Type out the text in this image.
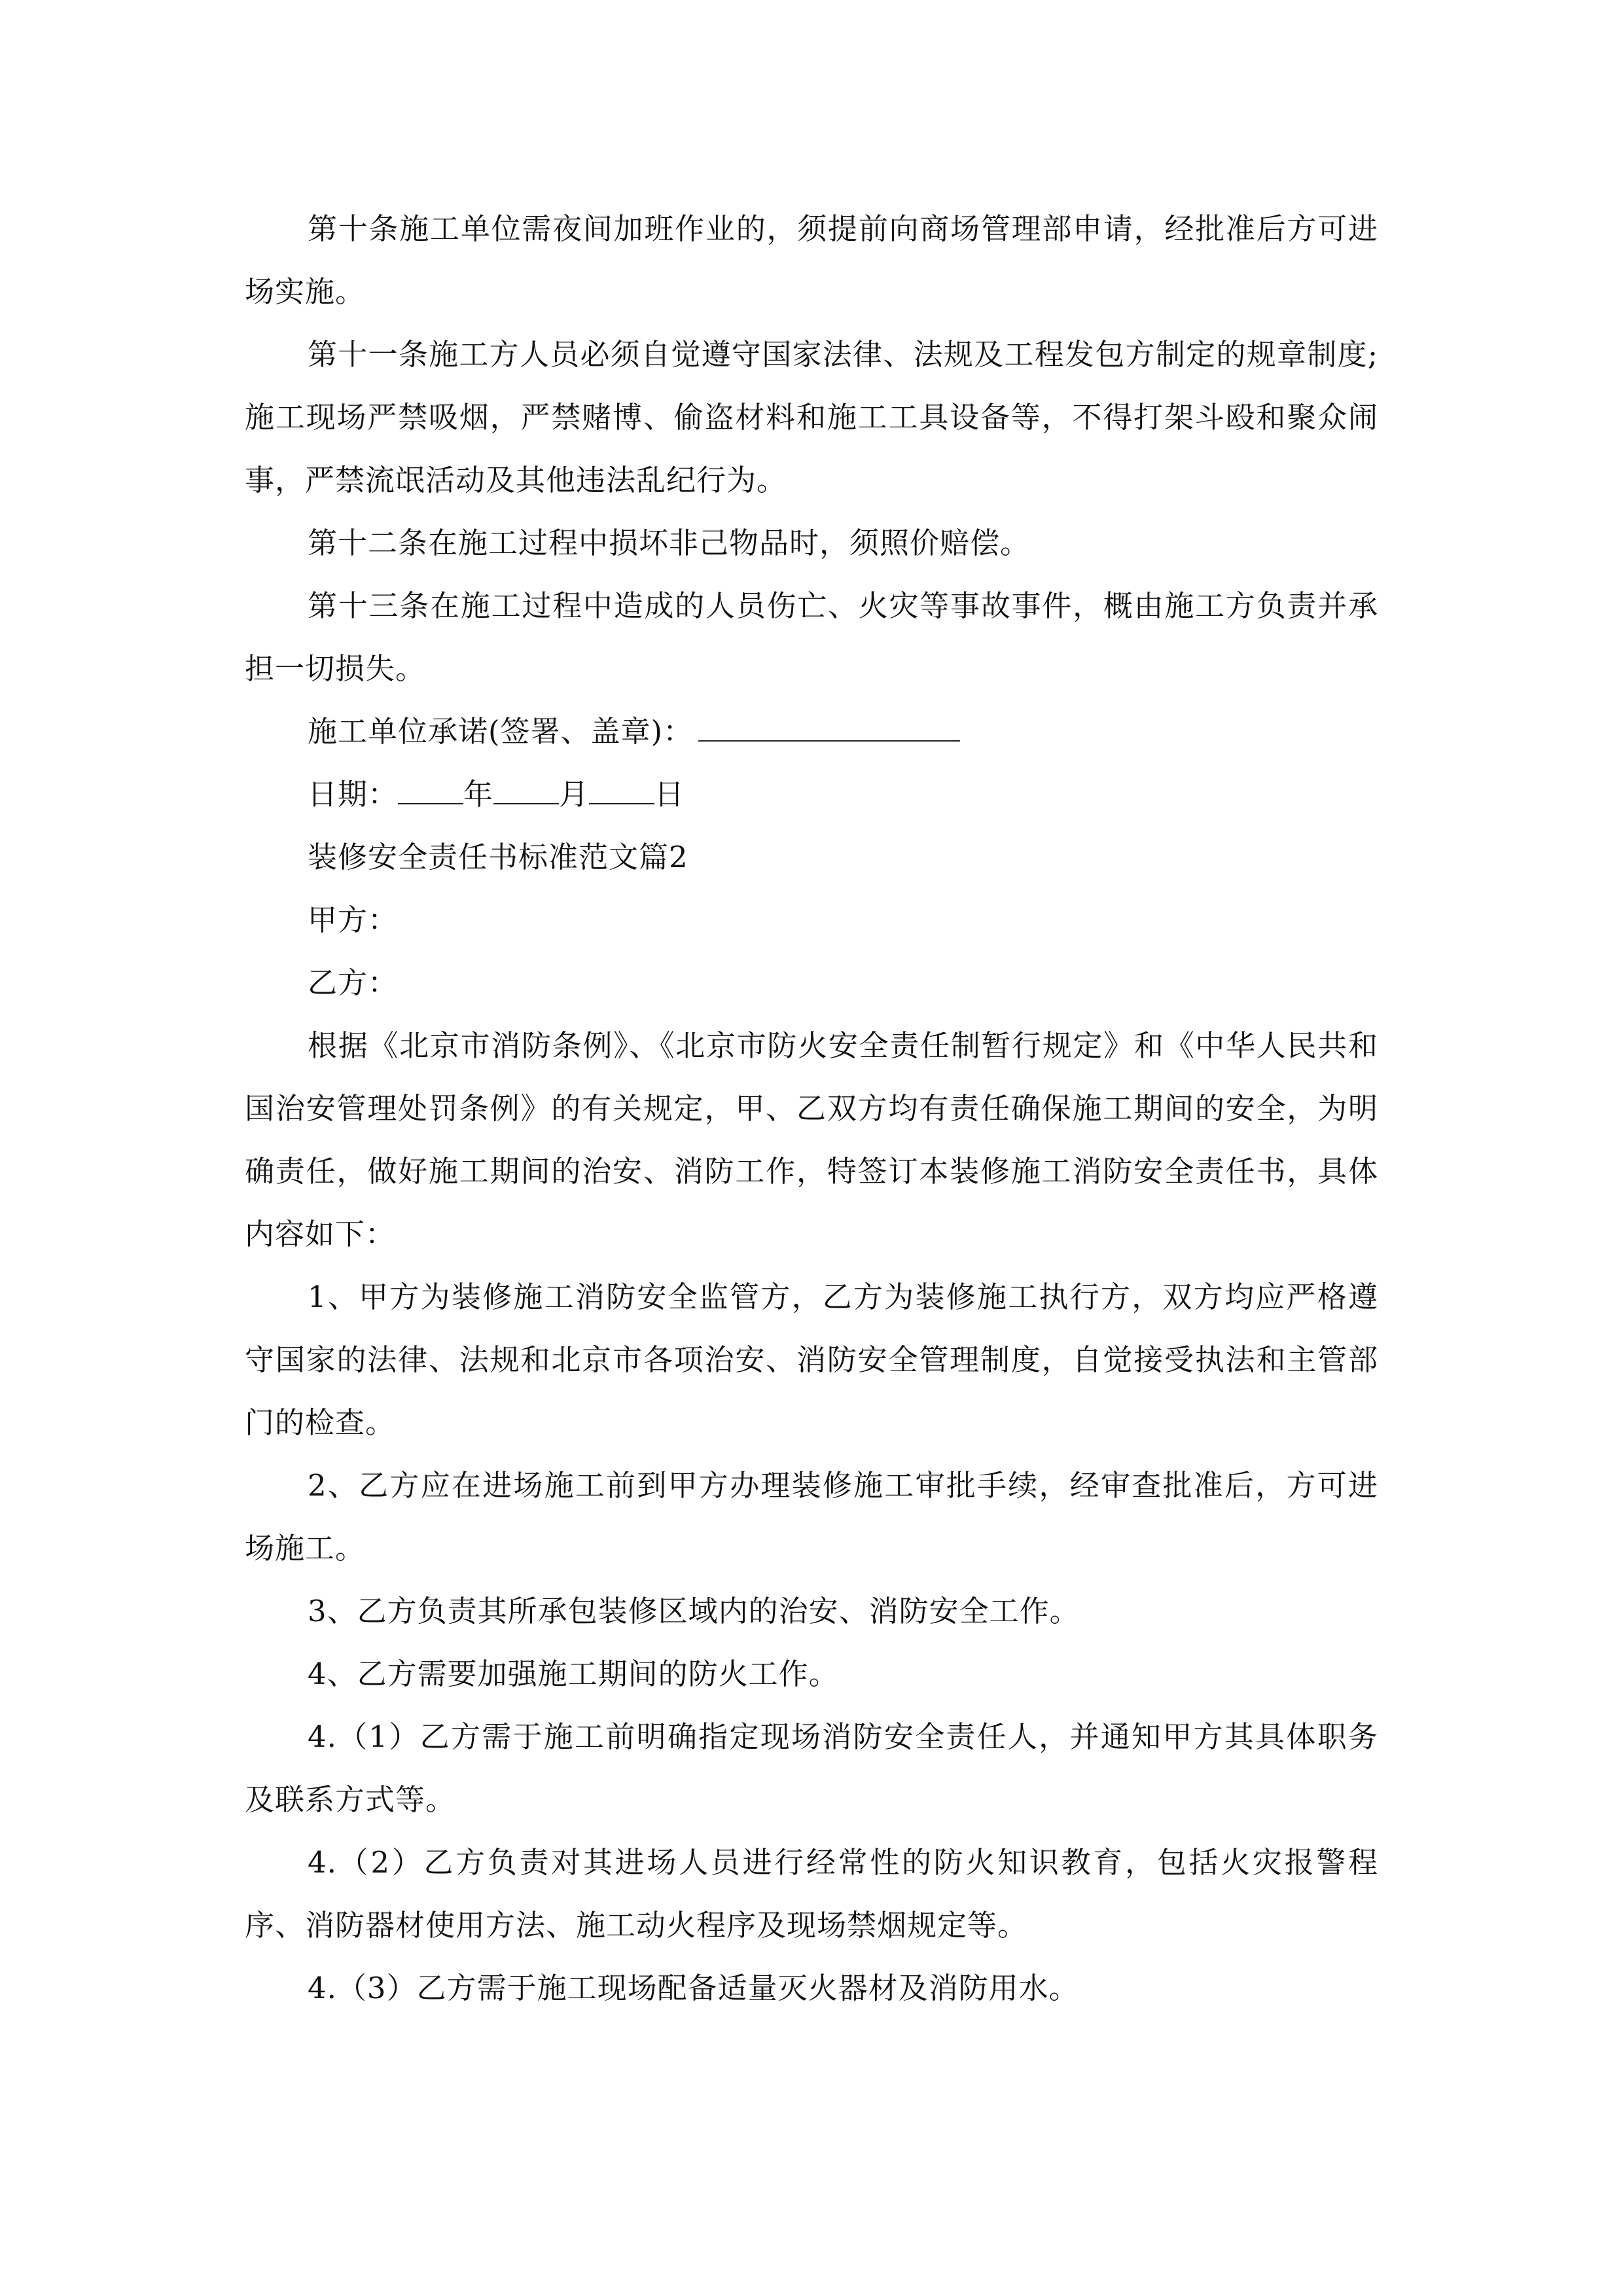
第十条施工单位需夜间加班作业的，须提前向商场管理部申请，经批准后方可进场实施。

第十一条施工方人员必须自觉遵守国家法律、法规及工程发包方制定的规章制度;施工现场严禁吸烟，严禁赌博、偷盗材料和施工工具设备等，不得打架斗殴和聚众闹事，严禁流氓活动及其他违法乱纪行为。

第十二条在施工过程中损坏非己物品时，须照价赔偿。

第十三条在施工过程中造成的人员伤亡、火灾等事故事件，概由施工方负责并承担一切损失。

施工单位承诺(签署、盖章)：

日期： 年 月 日

装修安全责任书标准范文篇2

甲方：

乙方：

根据《北京市消防条例》、《北京市防火安全责任制暂行规定》和《中华人民共和国治安管理处罚条例》的有关规定，甲、乙双方均有责任确保施工期间的安全，为明确责任，做好施工期间的治安、消防工作，特签订本装修施工消防安全责任书，具体内容如下：

1、甲方为装修施工消防安全监管方，乙方为装修施工执行方，双方均应严格遵守国家的法律、法规和北京市各项治安、消防安全管理制度，自觉接受执法和主管部门的检查。

2、乙方应在进场施工前到甲方办理装修施工审批手续，经审查批准后，方可进场施工。

3、乙方负责其所承包装修区域内的治安、消防安全工作。

4、乙方需要加强施工期间的防火工作。

4.（1）乙方需于施工前明确指定现场消防安全责任人，并通知甲方其具体职务及联系方式等。

4.（2）乙方负责对其进场人员进行经常性的防火知识教育，包括火灾报警程序、消防器材使用方法、施工动火程序及现场禁烟规定等。

4.（3）乙方需于施工现场配备适量灭火器材及消防用水。
